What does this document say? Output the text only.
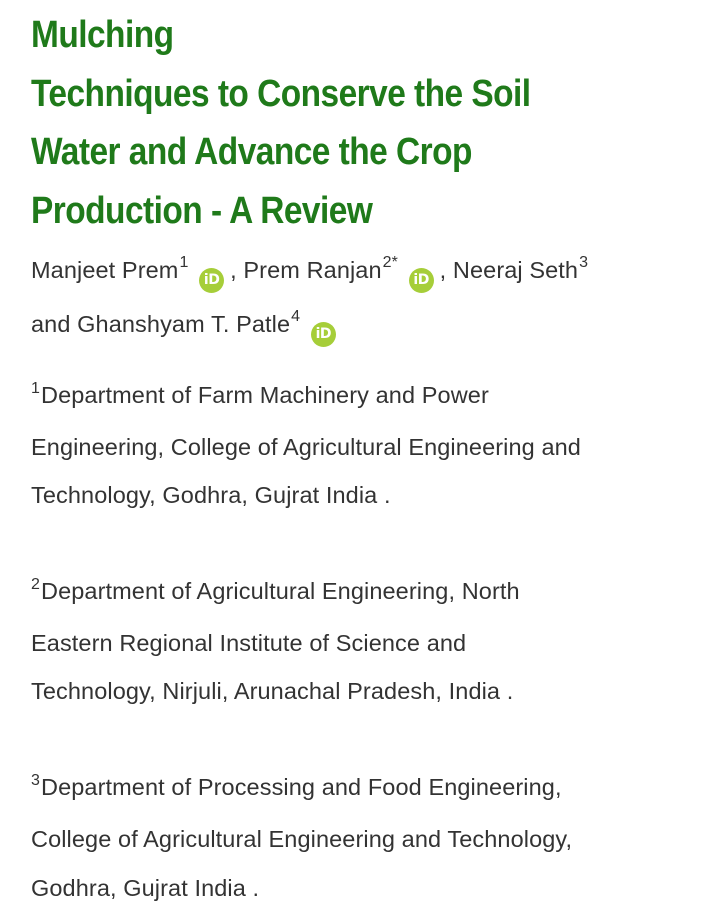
Mulching
Techniques to Conserve the Soil
Water and Advance the Crop
Production - A Review
Manjeet Prem$^1$ iD , Prem Ranjan$^{2*}$ iD , Neeraj Seth$^3$
and Ghanshyam T. Patle$^4$ iD

$^1$Department of Farm Machinery and Power
Engineering, College of Agricultural Engineering and
Technology, Godhra, Gujrat India .

$^2$Department of Agricultural Engineering, North
Eastern Regional Institute of Science and
Technology, Nirjuli, Arunachal Pradesh, India .

$^3$Department of Processing and Food Engineering,
College of Agricultural Engineering and Technology,
Godhra, Gujrat India .
